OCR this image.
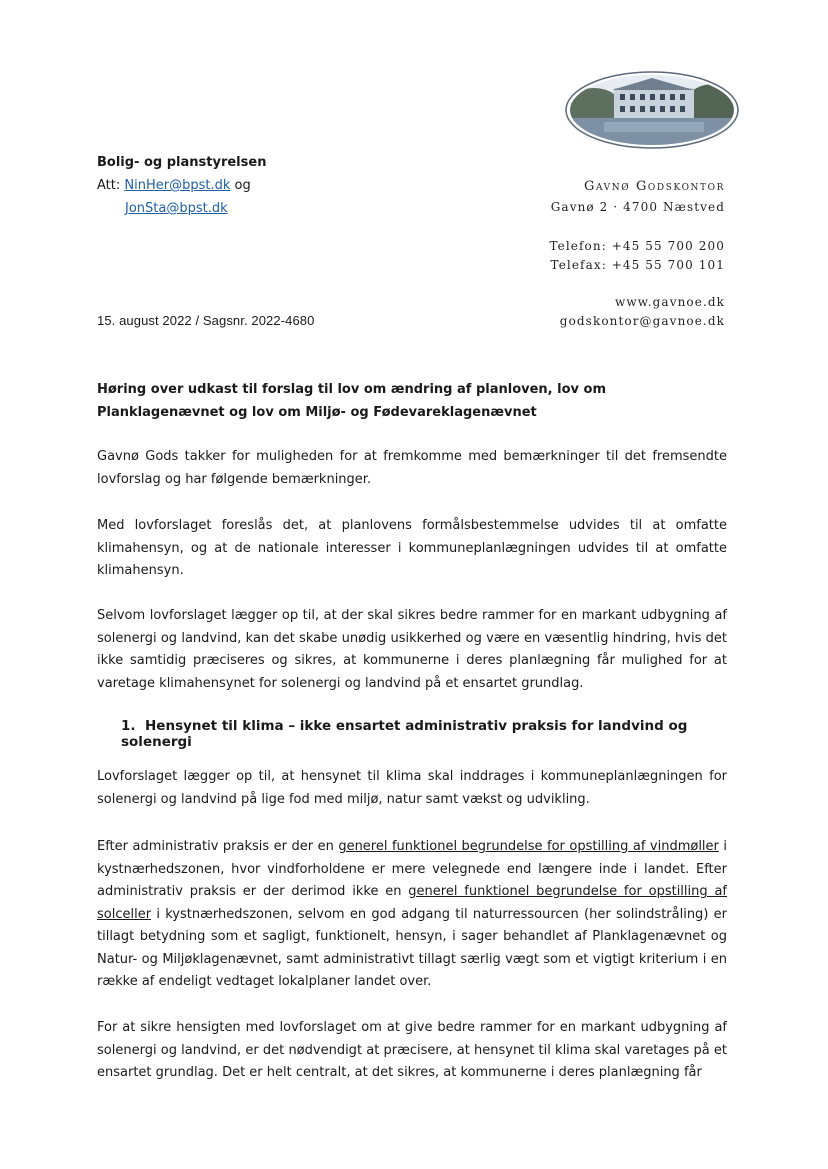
Bolig- og planstyrelsen
Att: NinHer@bpst.dk og
JonSta@bpst.dk
Gavnø Godskontor
Gavnø 2 · 4700 Næstved
Telefon: +45 55 700 200
Telefax: +45 55 700 101
www.gavnoe.dk
godskontor@gavnoe.dk
15. august 2022 / Sagsnr. 2022-4680
Høring over udkast til forslag til lov om ændring af planloven, lov om Planklagenævnet og lov om Miljø- og Fødevareklagenævnet
Gavnø Gods takker for muligheden for at fremkomme med bemærkninger til det fremsendte lovforslag og har følgende bemærkninger.
Med lovforslaget foreslås det, at planlovens formålsbestemmelse udvides til at omfatte klimahensyn, og at de nationale interesser i kommuneplanlægningen udvides til at omfatte klimahensyn.
Selvom lovforslaget lægger op til, at der skal sikres bedre rammer for en markant udbygning af solenergi og landvind, kan det skabe unødig usikkerhed og være en væsentlig hindring, hvis det ikke samtidig præciseres og sikres, at kommunerne i deres planlægning får mulighed for at varetage klimahensynet for solenergi og landvind på et ensartet grundlag.
1. Hensynet til klima – ikke ensartet administrativ praksis for landvind og solenergi
Lovforslaget lægger op til, at hensynet til klima skal inddrages i kommuneplanlægningen for solenergi og landvind på lige fod med miljø, natur samt vækst og udvikling.
Efter administrativ praksis er der en generel funktionel begrundelse for opstilling af vindmøller i kystnærhedszonen, hvor vindforholdene er mere velegnede end længere inde i landet. Efter administrativ praksis er der derimod ikke en generel funktionel begrundelse for opstilling af solceller i kystnærhedszonen, selvom en god adgang til naturressourcen (her solindstråling) er tillagt betydning som et sagligt, funktionelt, hensyn, i sager behandlet af Planklagenævnet og Natur- og Miljøklagenævnet, samt administrativt tillagt særlig vægt som et vigtigt kriterium i en række af endeligt vedtaget lokalplaner landet over.
For at sikre hensigten med lovforslaget om at give bedre rammer for en markant udbygning af solenergi og landvind, er det nødvendigt at præcisere, at hensynet til klima skal varetages på et ensartet grundlag. Det er helt centralt, at det sikres, at kommunerne i deres planlægning får
